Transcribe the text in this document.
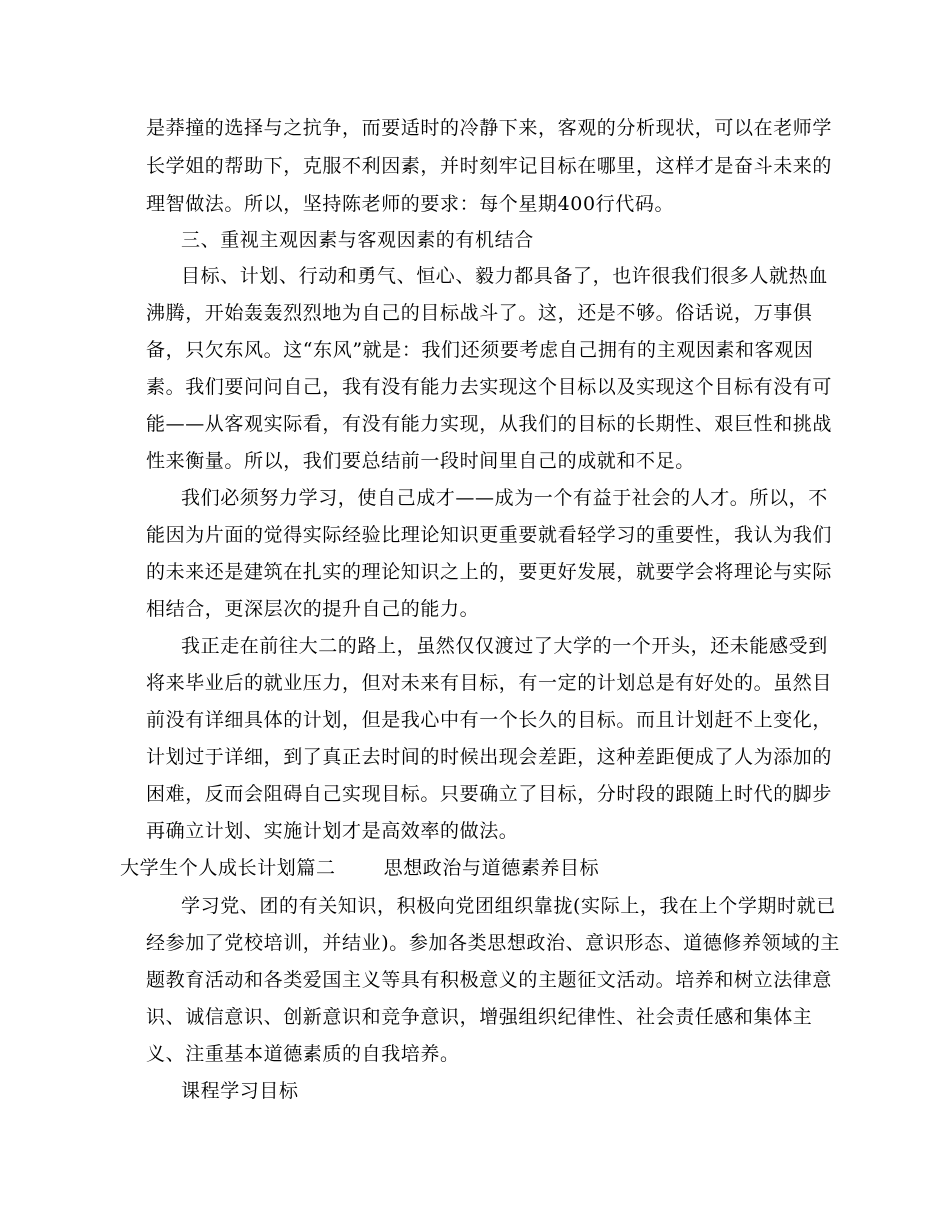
是莽撞的选择与之抗争，而要适时的冷静下来，客观的分析现状，可以在老师学
长学姐的帮助下，克服不利因素，并时刻牢记目标在哪里，这样才是奋斗未来的
理智做法。所以，坚持陈老师的要求：每个星期400行代码。
三、重视主观因素与客观因素的有机结合
目标、计划、行动和勇气、恒心、毅力都具备了，也许很我们很多人就热血
沸腾，开始轰轰烈烈地为自己的目标战斗了。这，还是不够。俗话说，万事俱
备，只欠东风。这“东风”就是：我们还须要考虑自己拥有的主观因素和客观因
素。我们要问问自己，我有没有能力去实现这个目标以及实现这个目标有没有可
能——从客观实际看，有没有能力实现，从我们的目标的长期性、艰巨性和挑战
性来衡量。所以，我们要总结前一段时间里自己的成就和不足。
我们必须努力学习，使自己成才——成为一个有益于社会的人才。所以，不
能因为片面的觉得实际经验比理论知识更重要就看轻学习的重要性，我认为我们
的未来还是建筑在扎实的理论知识之上的，要更好发展，就要学会将理论与实际
相结合，更深层次的提升自己的能力。
我正走在前往大二的路上，虽然仅仅渡过了大学的一个开头，还未能感受到
将来毕业后的就业压力，但对未来有目标，有一定的计划总是有好处的。虽然目
前没有详细具体的计划，但是我心中有一个长久的目标。而且计划赶不上变化，
计划过于详细，到了真正去时间的时候出现会差距，这种差距便成了人为添加的
困难，反而会阻碍自己实现目标。只要确立了目标，分时段的跟随上时代的脚步
再确立计划、实施计划才是高效率的做法。
大学生个人成长计划篇二	思想政治与道德素养目标
学习党、团的有关知识，积极向党团组织靠拢(实际上，我在上个学期时就已
经参加了党校培训，并结业)。参加各类思想政治、意识形态、道德修养领域的主
题教育活动和各类爱国主义等具有积极意义的主题征文活动。培养和树立法律意
识、诚信意识、创新意识和竞争意识，增强组织纪律性、社会责任感和集体主
义、注重基本道德素质的自我培养。
课程学习目标
